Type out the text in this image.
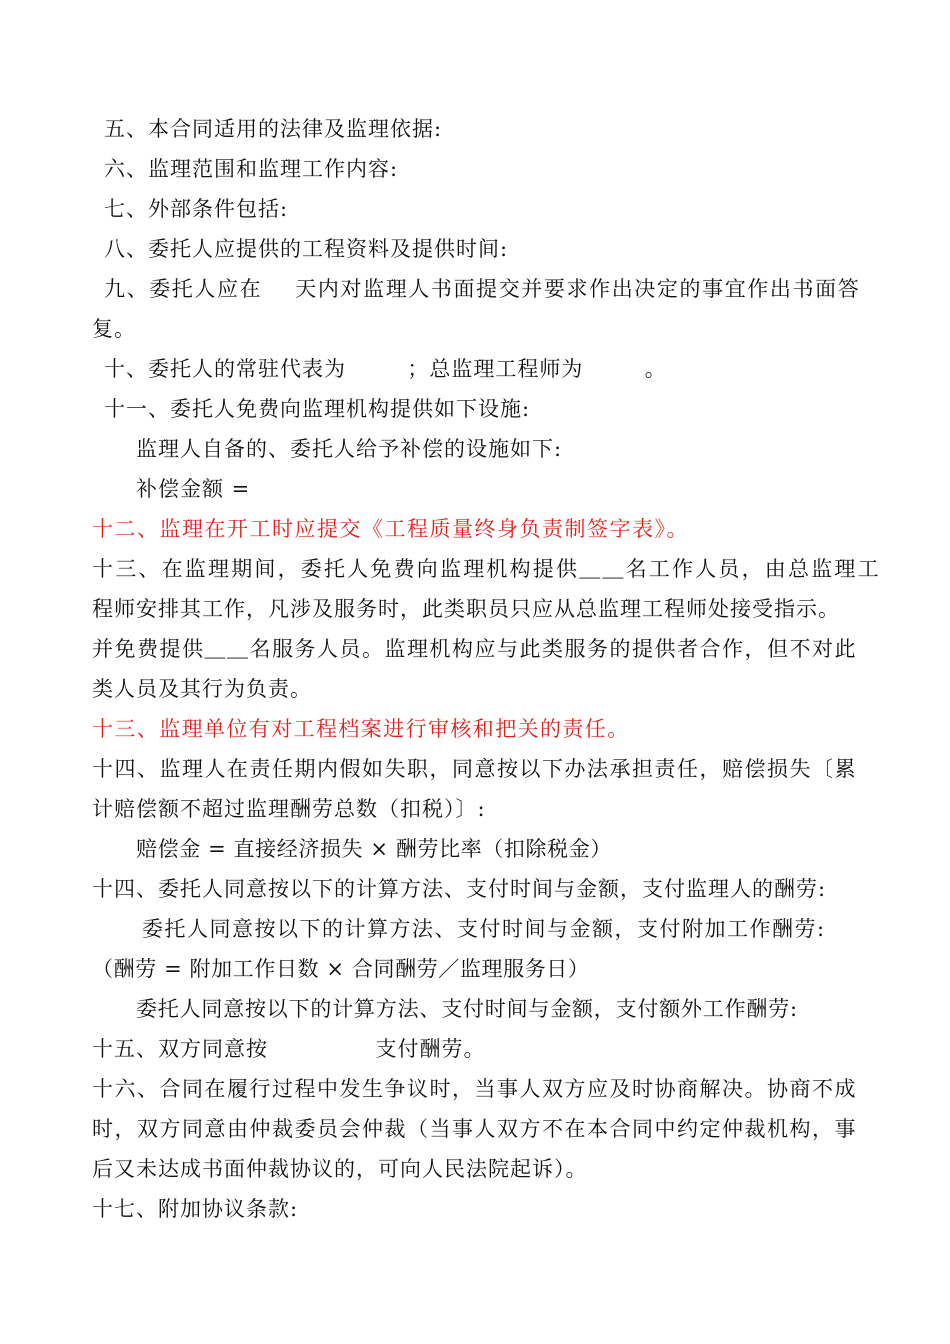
五、本合同适用的法律及监理依据:
六、监理范围和监理工作内容:
七、外部条件包括:
八、委托人应提供的工程资料及提供时间:
九、委托人应在    天内对监理人书面提交并要求作出决定的事宜作出书面答
复。
十、委托人的常驻代表为        ；总监理工程师为        。
十一、委托人免费向监理机构提供如下设施:
监理人自备的、委托人给予补偿的设施如下:
补偿金额 =
十二、监理在开工时应提交《工程质量终身负责制签字表》。
十三、在监理期间，委托人免费向监理机构提供＿＿名工作人员，由总监理工
程师安排其工作，凡涉及服务时，此类职员只应从总监理工程师处接受指示。
并免费提供＿＿名服务人员。监理机构应与此类服务的提供者合作，但不对此
类人员及其行为负责。
十三、监理单位有对工程档案进行审核和把关的责任。
十四、监理人在责任期内假如失职，同意按以下办法承担责任，赔偿损失〔累
计赔偿额不超过监理酬劳总数（扣税）〕:
赔偿金 = 直接经济损失 × 酬劳比率（扣除税金）
十四、委托人同意按以下的计算方法、支付时间与金额，支付监理人的酬劳:
委托人同意按以下的计算方法、支付时间与金额，支付附加工作酬劳:
（酬劳 = 附加工作日数 × 合同酬劳／监理服务日）
委托人同意按以下的计算方法、支付时间与金额，支付额外工作酬劳:
十五、双方同意按              支付酬劳。
十六、合同在履行过程中发生争议时，当事人双方应及时协商解决。协商不成
时，双方同意由仲裁委员会仲裁（当事人双方不在本合同中约定仲裁机构，事
后又未达成书面仲裁协议的，可向人民法院起诉）。
十七、附加协议条款:
